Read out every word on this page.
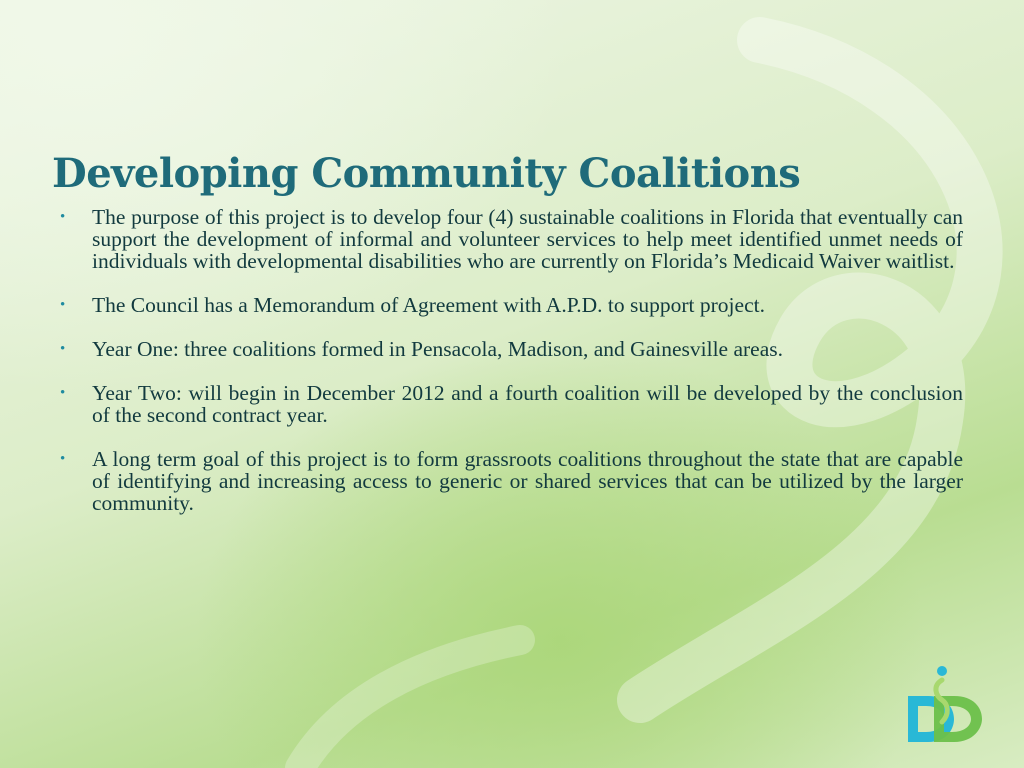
Developing Community Coalitions
• The purpose of this project is to develop four (4) sustainable coalitions in Florida that eventually can support the development of informal and volunteer services to help meet identified unmet needs of individuals with developmental disabilities who are currently on Florida’s Medicaid Waiver waitlist.
• The Council has a Memorandum of Agreement with A.P.D. to support project.
• Year One: three coalitions formed in Pensacola, Madison, and Gainesville areas.
• Year Two: will begin in December 2012 and a fourth coalition will be developed by the conclusion of the second contract year.
• A long term goal of this project is to form grassroots coalitions throughout the state that are capable of identifying and increasing access to generic or shared services that can be utilized by the larger community.
